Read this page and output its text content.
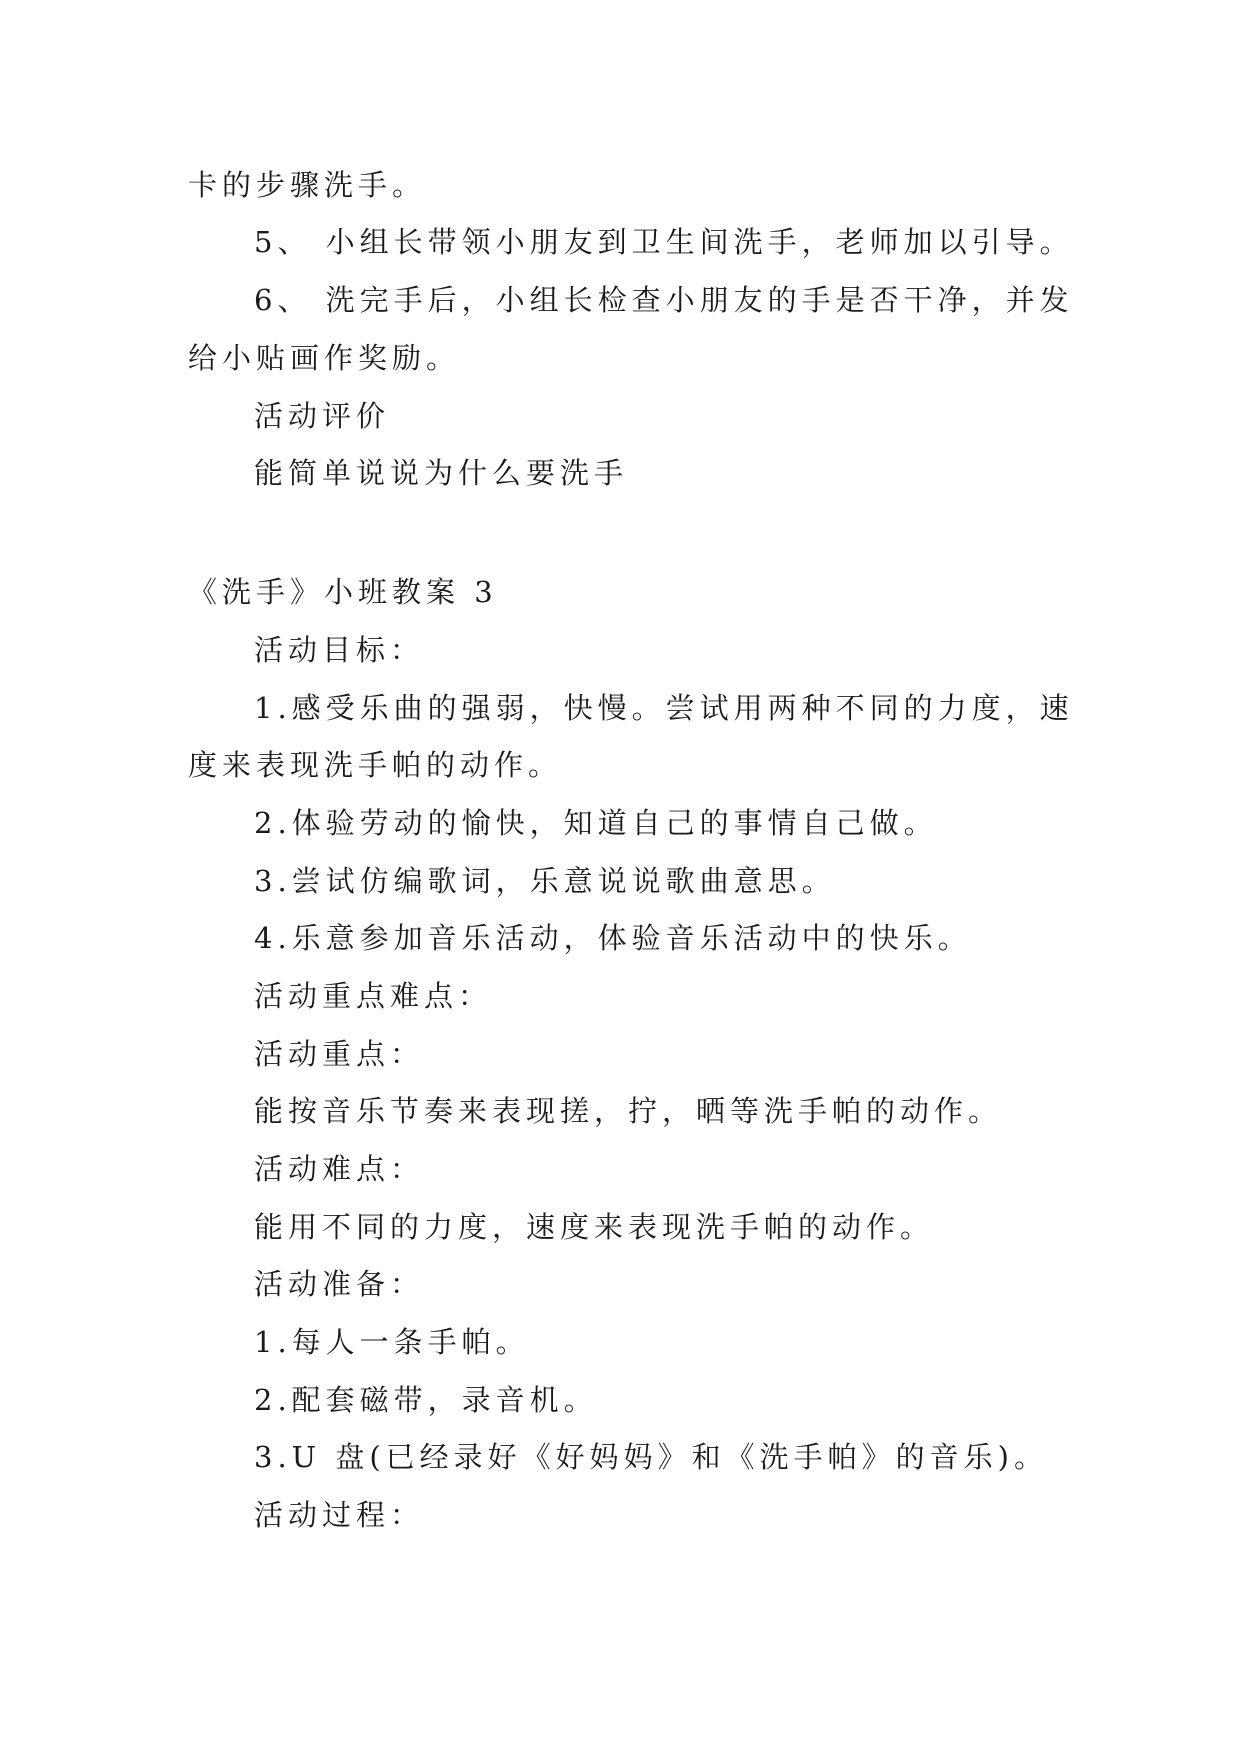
卡的步骤洗手。

5、 小组长带领小朋友到卫生间洗手，老师加以引导。

6、 洗完手后，小组长检查小朋友的手是否干净，并发

给小贴画作奖励。

活动评价

能简单说说为什么要洗手

《洗手》小班教案 3

活动目标：

1.感受乐曲的强弱，快慢。尝试用两种不同的力度，速

度来表现洗手帕的动作。

2.体验劳动的愉快，知道自己的事情自己做。

3.尝试仿编歌词，乐意说说歌曲意思。

4.乐意参加音乐活动，体验音乐活动中的快乐。

活动重点难点：

活动重点：

能按音乐节奏来表现搓，拧，晒等洗手帕的动作。

活动难点：

能用不同的力度，速度来表现洗手帕的动作。

活动准备：

1.每人一条手帕。

2.配套磁带，录音机。

3.U 盘(已经录好《好妈妈》和《洗手帕》的音乐)。

活动过程：
